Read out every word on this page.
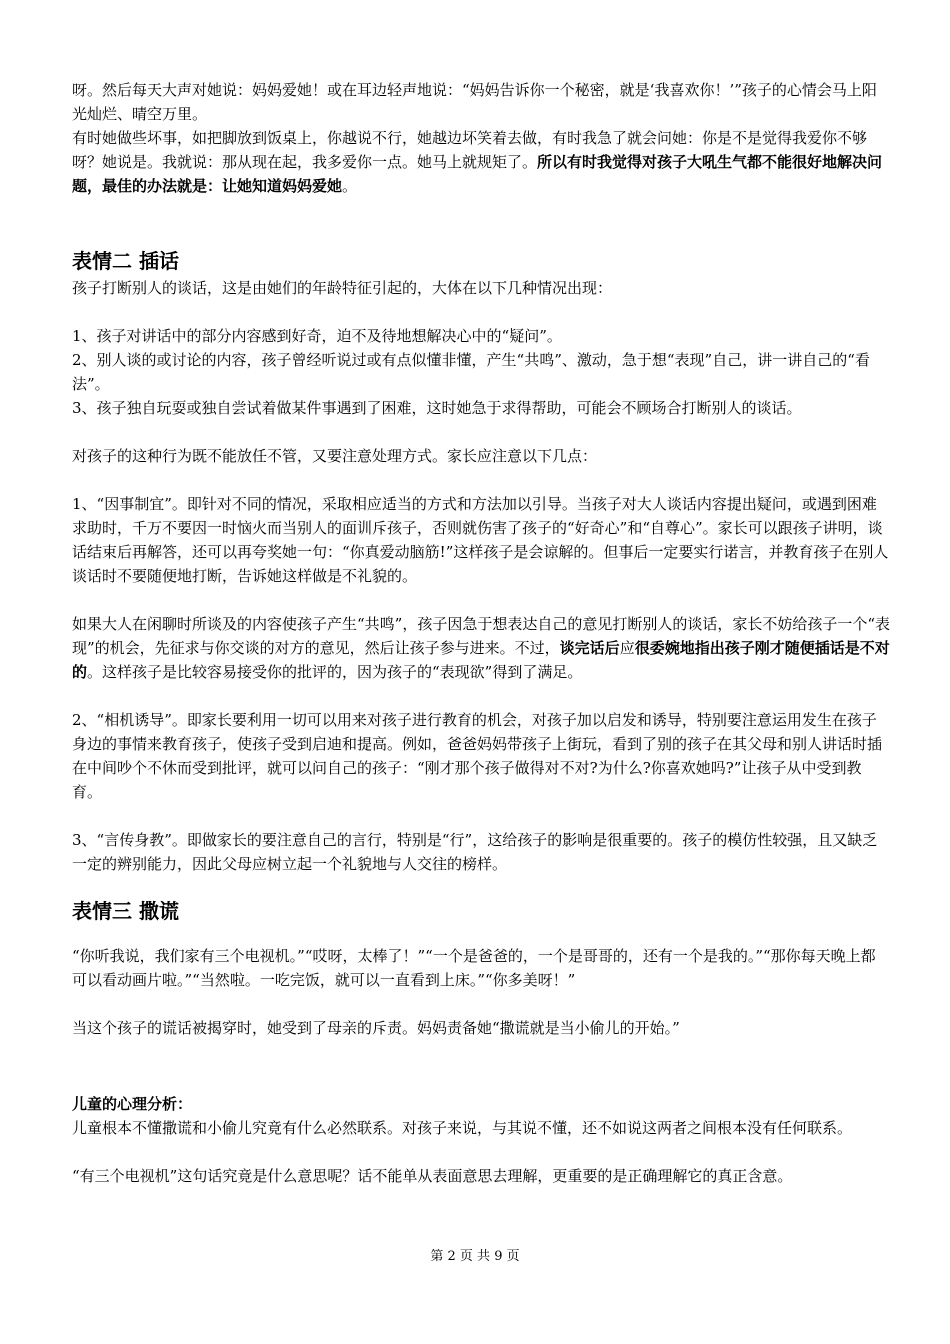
呀。然后每天大声对她说：妈妈爱她！或在耳边轻声地说：“妈妈告诉你一个秘密，就是‘我喜欢你！’”孩子的心情会马上阳光灿烂、晴空万里。

有时她做些坏事，如把脚放到饭桌上，你越说不行，她越边坏笑着去做，有时我急了就会问她：你是不是觉得我爱你不够呀？她说是。我就说：那从现在起，我多爱你一点。她马上就规矩了。所以有时我觉得对孩子大吼生气都不能很好地解决问题，最佳的办法就是：让她知道妈妈爱她。

表情二 插话

孩子打断别人的谈话，这是由她们的年龄特征引起的，大体在以下几种情况出现：

1、孩子对讲话中的部分内容感到好奇，迫不及待地想解决心中的“疑问”。

2、别人谈的或讨论的内容，孩子曾经听说过或有点似懂非懂，产生“共鸣”、激动，急于想“表现”自己，讲一讲自己的“看法”。

3、孩子独自玩耍或独自尝试着做某件事遇到了困难，这时她急于求得帮助，可能会不顾场合打断别人的谈话。

对孩子的这种行为既不能放任不管，又要注意处理方式。家长应注意以下几点：

1、“因事制宜”。即针对不同的情况，采取相应适当的方式和方法加以引导。当孩子对大人谈话内容提出疑问，或遇到困难求助时，千万不要因一时恼火而当别人的面训斥孩子，否则就伤害了孩子的“好奇心”和“自尊心”。家长可以跟孩子讲明，谈话结束后再解答，还可以再夸奖她一句：“你真爱动脑筋!”这样孩子是会谅解的。但事后一定要实行诺言，并教育孩子在别人谈话时不要随便地打断，告诉她这样做是不礼貌的。

如果大人在闲聊时所谈及的内容使孩子产生“共鸣”，孩子因急于想表达自己的意见打断别人的谈话，家长不妨给孩子一个“表现”的机会，先征求与你交谈的对方的意见，然后让孩子参与进来。不过，谈完话后应很委婉地指出孩子刚才随便插话是不对的。这样孩子是比较容易接受你的批评的，因为孩子的“表现欲”得到了满足。

2、“相机诱导”。即家长要利用一切可以用来对孩子进行教育的机会，对孩子加以启发和诱导，特别要注意运用发生在孩子身边的事情来教育孩子，使孩子受到启迪和提高。例如，爸爸妈妈带孩子上街玩，看到了别的孩子在其父母和别人讲话时插在中间吵个不休而受到批评，就可以问自己的孩子：“刚才那个孩子做得对不对?为什么?你喜欢她吗?”让孩子从中受到教育。

3、“言传身教”。即做家长的要注意自己的言行，特别是“行”，这给孩子的影响是很重要的。孩子的模仿性较强，且又缺乏一定的辨别能力，因此父母应树立起一个礼貌地与人交往的榜样。

表情三 撒谎

“你听我说，我们家有三个电视机。”“哎呀，太棒了！”“一个是爸爸的，一个是哥哥的，还有一个是我的。”“那你每天晚上都可以看动画片啦。”“当然啦。一吃完饭，就可以一直看到上床。”“你多美呀！”

当这个孩子的谎话被揭穿时，她受到了母亲的斥责。妈妈责备她“撒谎就是当小偷儿的开始。”

儿童的心理分析：

儿童根本不懂撒谎和小偷儿究竟有什么必然联系。对孩子来说，与其说不懂，还不如说这两者之间根本没有任何联系。

“有三个电视机”这句话究竟是什么意思呢？话不能单从表面意思去理解，更重要的是正确理解它的真正含意。

第 2 页 共 9 页
